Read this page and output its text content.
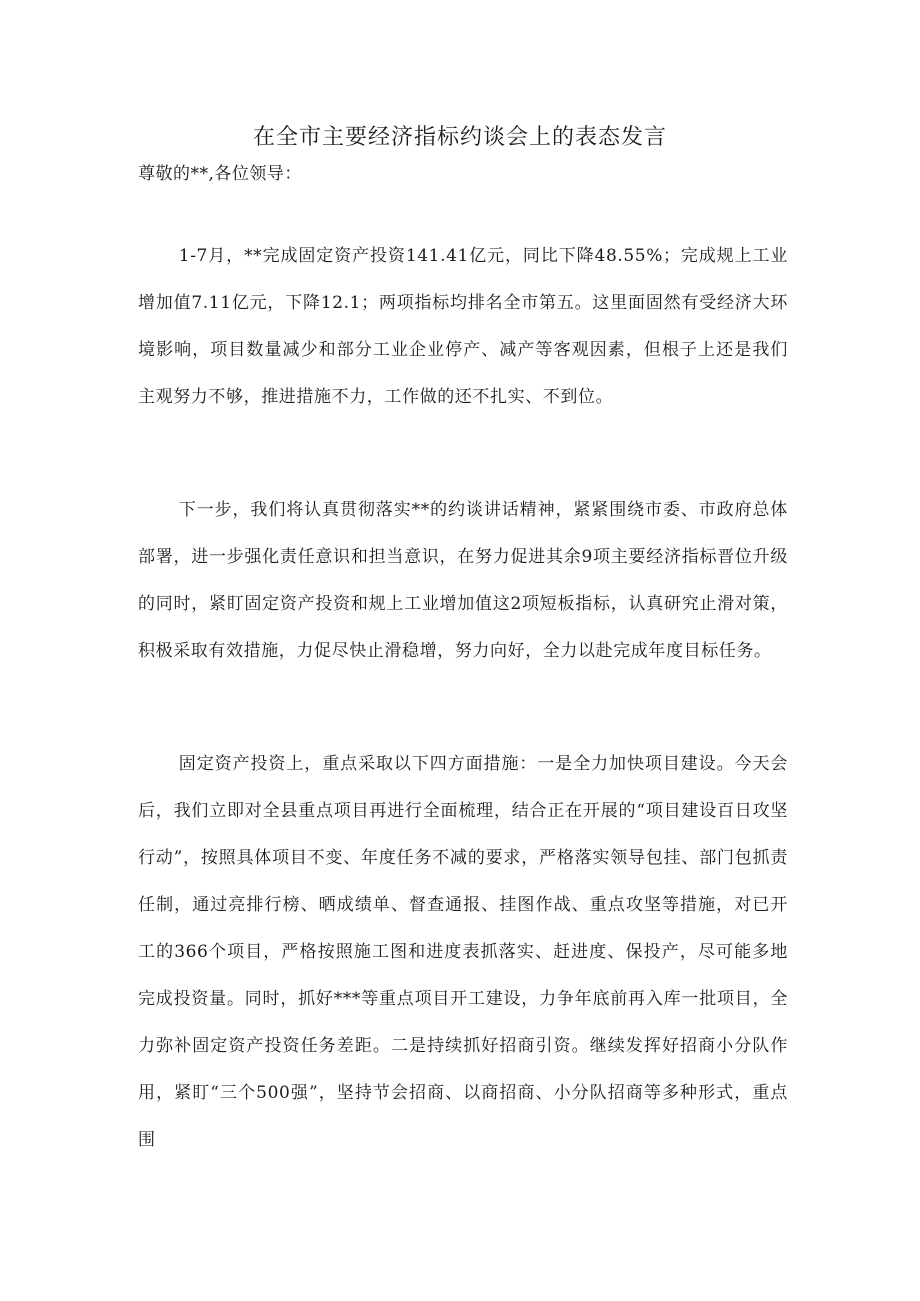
在全市主要经济指标约谈会上的表态发言

尊敬的**,各位领导：

1-7月，**完成固定资产投资141.41亿元，同比下降48.55%；完成规上工业增加值7.11亿元，下降12.1；两项指标均排名全市第五。这里面固然有受经济大环境影响，项目数量减少和部分工业企业停产、减产等客观因素，但根子上还是我们主观努力不够，推进措施不力，工作做的还不扎实、不到位。

下一步，我们将认真贯彻落实**的约谈讲话精神，紧紧围绕市委、市政府总体部署，进一步强化责任意识和担当意识，在努力促进其余9项主要经济指标晋位升级的同时，紧盯固定资产投资和规上工业增加值这2项短板指标，认真研究止滑对策，积极采取有效措施，力促尽快止滑稳增，努力向好，全力以赴完成年度目标任务。

固定资产投资上，重点采取以下四方面措施：一是全力加快项目建设。今天会后，我们立即对全县重点项目再进行全面梳理，结合正在开展的“项目建设百日攻坚行动”，按照具体项目不变、年度任务不减的要求，严格落实领导包挂、部门包抓责任制，通过亮排行榜、晒成绩单、督查通报、挂图作战、重点攻坚等措施，对已开工的366个项目，严格按照施工图和进度表抓落实、赶进度、保投产，尽可能多地完成投资量。同时，抓好***等重点项目开工建设，力争年底前再入库一批项目，全力弥补固定资产投资任务差距。二是持续抓好招商引资。继续发挥好招商小分队作用，紧盯“三个500强”，坚持节会招商、以商招商、小分队招商等多种形式，重点围
